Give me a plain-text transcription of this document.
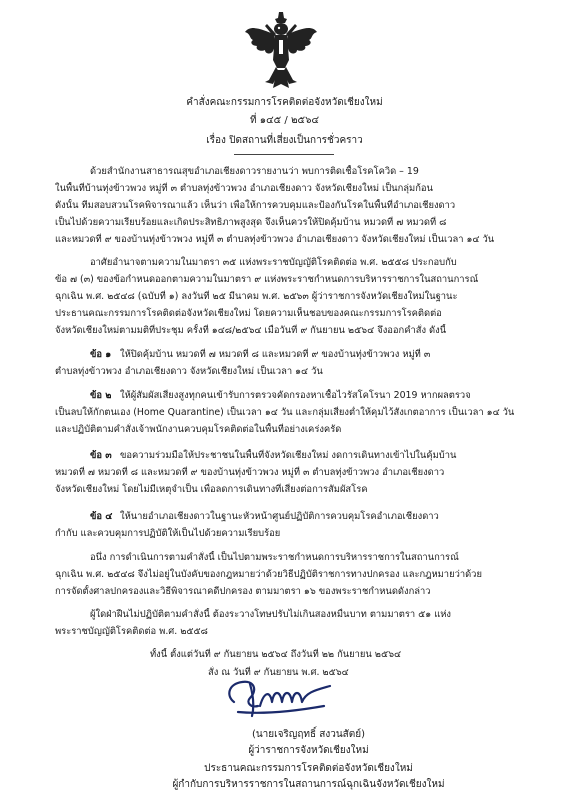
คำสั่งคณะกรรมการโรคติดต่อจังหวัดเชียงใหม่
ที่ ๑๔๕ / ๒๕๖๔
เรื่อง ปิดสถานที่เสี่ยงเป็นการชั่วคราว
ด้วยสำนักงานสาธารณสุขอำเภอเชียงดาวรายงานว่า พบการติดเชื้อโรคโควิด – 19
ในพื้นที่บ้านทุ่งข้าวพวง หมู่ที่ ๓ ตำบลทุ่งข้าวพวง อำเภอเชียงดาว จังหวัดเชียงใหม่ เป็นกลุ่มก้อน
ดังนั้น ทีมสอบสวนโรคพิจารณาแล้ว เห็นว่า เพื่อให้การควบคุมและป้องกันโรคในพื้นที่อำเภอเชียงดาว
เป็นไปด้วยความเรียบร้อยและเกิดประสิทธิภาพสูงสุด จึงเห็นควรให้ปิดคุ้มบ้าน หมวดที่ ๗ หมวดที่ ๘
และหมวดที่ ๙ ของบ้านทุ่งข้าวพวง หมู่ที่ ๓ ตำบลทุ่งข้าวพวง อำเภอเชียงดาว จังหวัดเชียงใหม่ เป็นเวลา ๑๔ วัน
อาศัยอำนาจตามความในมาตรา ๓๕ แห่งพระราชบัญญัติโรคติดต่อ พ.ศ. ๒๕๕๘ ประกอบกับ
ข้อ ๗ (๓) ของข้อกำหนดออกตามความในมาตรา ๙ แห่งพระราชกำหนดการบริหารราชการในสถานการณ์
ฉุกเฉิน พ.ศ. ๒๕๔๘ (ฉบับที่ ๑) ลงวันที่ ๒๕ มีนาคม พ.ศ. ๒๕๖๓ ผู้ว่าราชการจังหวัดเชียงใหม่ในฐานะ
ประธานคณะกรรมการโรคติดต่อจังหวัดเชียงใหม่ โดยความเห็นชอบของคณะกรรมการโรคติดต่อ
จังหวัดเชียงใหม่ตามมติที่ประชุม ครั้งที่ ๑๔๘/๒๕๖๔ เมื่อวันที่ ๙ กันยายน ๒๕๖๔ จึงออกคำสั่ง ดังนี้
ข้อ ๑ ให้ปิดคุ้มบ้าน หมวดที่ ๗ หมวดที่ ๘ และหมวดที่ ๙ ของบ้านทุ่งข้าวพวง หมู่ที่ ๓
ตำบลทุ่งข้าวพวง อำเภอเชียงดาว จังหวัดเชียงใหม่ เป็นเวลา ๑๔ วัน
ข้อ ๒ ให้ผู้สัมผัสเสี่ยงสูงทุกคนเข้ารับการตรวจคัดกรองหาเชื้อไวรัสโคโรนา 2019 หากผลตรวจ
เป็นลบให้กักตนเอง (Home Quarantine) เป็นเวลา ๑๔ วัน และกลุ่มเสี่ยงต่ำให้คุมไว้สังเกตอาการ เป็นเวลา ๑๔ วัน
และปฏิบัติตามคำสั่งเจ้าพนักงานควบคุมโรคติดต่อในพื้นที่อย่างเคร่งครัด
ข้อ ๓ ขอความร่วมมือให้ประชาชนในพื้นที่จังหวัดเชียงใหม่ งดการเดินทางเข้าไปในคุ้มบ้าน
หมวดที่ ๗ หมวดที่ ๘ และหมวดที่ ๙ ของบ้านทุ่งข้าวพวง หมู่ที่ ๓ ตำบลทุ่งข้าวพวง อำเภอเชียงดาว
จังหวัดเชียงใหม่ โดยไม่มีเหตุจำเป็น เพื่อลดการเดินทางที่เสี่ยงต่อการสัมผัสโรค
ข้อ ๔ ให้นายอำเภอเชียงดาวในฐานะหัวหน้าศูนย์ปฏิบัติการควบคุมโรคอำเภอเชียงดาว
กำกับ และควบคุมการปฏิบัติให้เป็นไปด้วยความเรียบร้อย
อนึ่ง การดำเนินการตามคำสั่งนี้ เป็นไปตามพระราชกำหนดการบริหารราชการในสถานการณ์
ฉุกเฉิน พ.ศ. ๒๕๔๘ จึงไม่อยู่ในบังคับของกฎหมายว่าด้วยวิธีปฏิบัติราชการทางปกครอง และกฎหมายว่าด้วย
การจัดตั้งศาลปกครองและวิธีพิจารณาคดีปกครอง ตามมาตรา ๑๖ ของพระราชกำหนดดังกล่าว
ผู้ใดฝ่าฝืนไม่ปฏิบัติตามคำสั่งนี้ ต้องระวางโทษปรับไม่เกินสองหมื่นบาท ตามมาตรา ๕๑ แห่ง
พระราชบัญญัติโรคติดต่อ พ.ศ. ๒๕๕๘
ทั้งนี้ ตั้งแต่วันที่ ๙ กันยายน ๒๕๖๔ ถึงวันที่ ๒๒ กันยายน ๒๕๖๔
สั่ง ณ วันที่ ๙ กันยายน พ.ศ. ๒๕๖๔
(นายเจริญฤทธิ์ สงวนสัตย์)
ผู้ว่าราชการจังหวัดเชียงใหม่
ประธานคณะกรรมการโรคติดต่อจังหวัดเชียงใหม่
ผู้กำกับการบริหารราชการในสถานการณ์ฉุกเฉินจังหวัดเชียงใหม่
